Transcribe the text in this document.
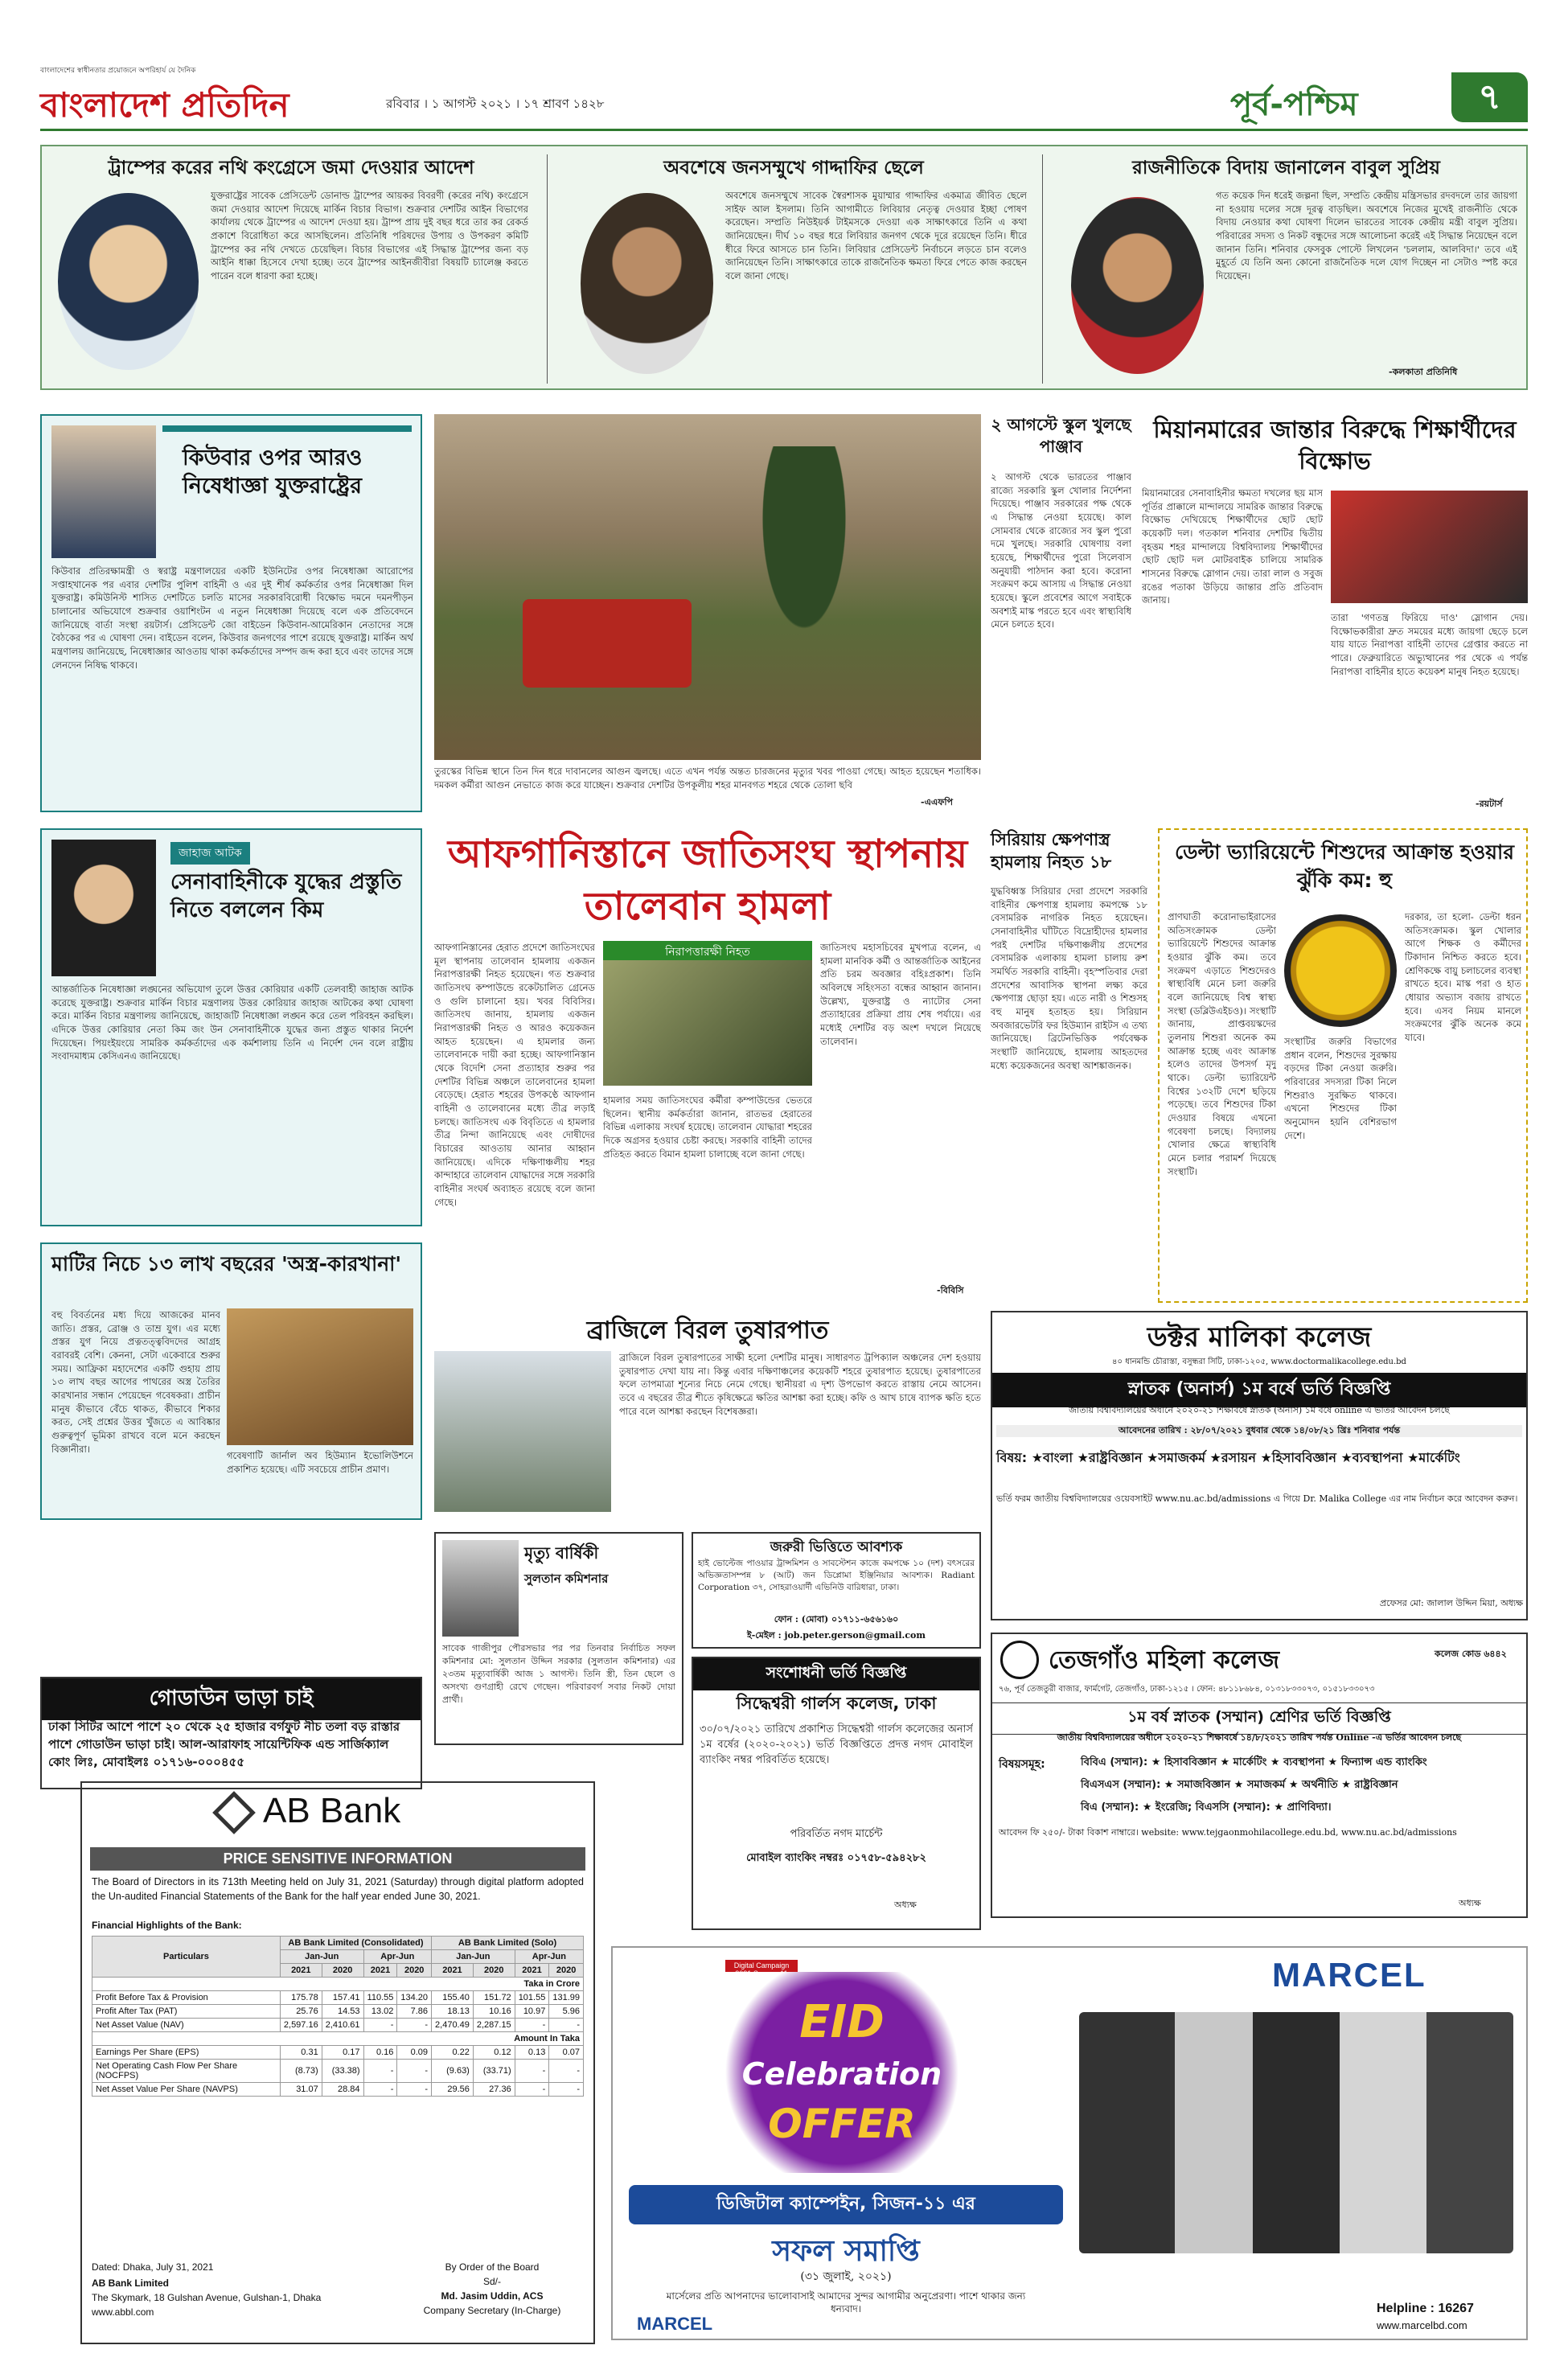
বাংলাদেশের স্বাধীনতার প্রয়োজনে অপরিহার্য যে দৈনিক
বাংলাদেশ প্রতিদিন	রবিবার । ১ আগস্ট ২০২১ । ১৭ শ্রাবণ ১৪২৮	পূর্ব-পশ্চিম	৭
ট্রাম্পের করের নথি কংগ্রেসে জমা দেওয়ার আদেশ
যুক্তরাষ্ট্রের সাবেক প্রেসিডেন্ট ডোনাল্ড ট্রাম্পের আয়কর বিবরণী (করের নথি) কংগ্রেসে জমা দেওয়ার আদেশ দিয়েছে মার্কিন বিচার বিভাগ। শুক্রবার দেশটির আইন বিভাগের কার্যালয় থেকে ট্রাম্পের এ আদেশ দেওয়া হয়। ট্রাম্প প্রায় দুই বছর ধরে তার কর রেকর্ড প্রকাশে বিরোধিতা করে আসছিলেন। প্রতিনিধি পরিষদের উপায় ও উপকরণ কমিটি ট্রাম্পের কর নথি দেখতে চেয়েছিল। বিচার বিভাগের এই সিদ্ধান্ত ট্রাম্পের জন্য বড় আইনি ধাক্কা হিসেবে দেখা হচ্ছে। তবে ট্রাম্পের আইনজীবীরা বিষয়টি চ্যালেঞ্জ করতে পারেন বলে ধারণা করা হচ্ছে।
অবশেষে জনসম্মুখে গাদ্দাফির ছেলে
অবশেষে জনসম্মুখে সাবেক স্বৈরশাসক মুয়াম্মার গাদ্দাফির একমাত্র জীবিত ছেলে সাইফ আল ইসলাম। তিনি আগামীতে লিবিয়ার নেতৃত্ব দেওয়ার ইচ্ছা পোষণ করেছেন। সম্প্রতি নিউইয়র্ক টাইমসকে দেওয়া এক সাক্ষাৎকারে তিনি এ কথা জানিয়েছেন। দীর্ঘ ১০ বছর ধরে লিবিয়ার জনগণ থেকে দূরে রয়েছেন তিনি। ধীরে ধীরে ফিরে আসতে চান তিনি। লিবিয়ার প্রেসিডেন্ট নির্বাচনে লড়তে চান বলেও জানিয়েছেন তিনি। সাক্ষাৎকারে তাকে রাজনৈতিক ক্ষমতা ফিরে পেতে কাজ করছেন বলে জানা গেছে।
রাজনীতিকে বিদায় জানালেন বাবুল সুপ্রিয়
গত কয়েক দিন ধরেই জল্পনা ছিল, সম্প্রতি কেন্দ্রীয় মন্ত্রিসভার রদবদলে তার জায়গা না হওয়ায় দলের সঙ্গে দূরত্ব বাড়ছিল। অবশেষে নিজের মুখেই রাজনীতি থেকে বিদায় নেওয়ার কথা ঘোষণা দিলেন ভারতের সাবেক কেন্দ্রীয় মন্ত্রী বাবুল সুপ্রিয়। পরিবারের সদস্য ও নিকট বন্ধুদের সঙ্গে আলোচনা করেই এই সিদ্ধান্ত নিয়েছেন বলে জানান তিনি। শনিবার ফেসবুক পোস্টে লিখলেন 'চললাম, আলবিদা।' তবে এই মুহূর্তে যে তিনি অন্য কোনো রাজনৈতিক দলে যোগ দিচ্ছেন না সেটাও স্পষ্ট করে দিয়েছেন।
-কলকাতা প্রতিনিধি
কিউবার ওপর আরও নিষেধাজ্ঞা যুক্তরাষ্ট্রের
কিউবার প্রতিরক্ষামন্ত্রী ও স্বরাষ্ট্র মন্ত্রণালয়ের একটি ইউনিটের ওপর নিষেধাজ্ঞা আরোপের সপ্তাহখানেক পর এবার দেশটির পুলিশ বাহিনী ও এর দুই শীর্ষ কর্মকর্তার ওপর নিষেধাজ্ঞা দিল যুক্তরাষ্ট্র। কমিউনিস্ট শাসিত দেশটিতে চলতি মাসের সরকারবিরোধী বিক্ষোভ দমনে দমনপীড়ন চালানোর অভিযোগে শুক্রবার ওয়াশিংটন এ নতুন নিষেধাজ্ঞা দিয়েছে বলে এক প্রতিবেদনে জানিয়েছে বার্তা সংস্থা রয়টার্স। প্রেসিডেন্ট জো বাইডেন কিউবান-আমেরিকান নেতাদের সঙ্গে বৈঠকের পর এ ঘোষণা দেন। বাইডেন বলেন, কিউবার জনগণের পাশে রয়েছে যুক্তরাষ্ট্র। মার্কিন অর্থ মন্ত্রণালয় জানিয়েছে, নিষেধাজ্ঞার আওতায় থাকা কর্মকর্তাদের সম্পদ জব্দ করা হবে এবং তাদের সঙ্গে লেনদেন নিষিদ্ধ থাকবে।
তুরস্কের বিভিন্ন স্থানে তিন দিন ধরে দাবানলের আগুন জ্বলছে। এতে এখন পর্যন্ত অন্তত চারজনের মৃত্যুর খবর পাওয়া গেছে। আহত হয়েছেন শতাধিক। দমকল কর্মীরা আগুন নেভাতে কাজ করে যাচ্ছেন। শুক্রবার দেশটির উপকূলীয় শহর মানবগত শহরে থেকে তোলা ছবি
-এএফপি
২ আগস্টে স্কুল খুলছে পাঞ্জাব
২ আগস্ট থেকে ভারতের পাঞ্জাব রাজ্যে সরকারি স্কুল খোলার নির্দেশনা দিয়েছে। পাঞ্জাব সরকারের পক্ষ থেকে এ সিদ্ধান্ত নেওয়া হয়েছে। কাল সোমবার থেকে রাজ্যের সব স্কুল পুরো দমে খুলছে। সরকারি ঘোষণায় বলা হয়েছে, শিক্ষার্থীদের পুরো সিলেবাস অনুযায়ী পাঠদান করা হবে। করোনা সংক্রমণ কমে আসায় এ সিদ্ধান্ত নেওয়া হয়েছে। স্কুলে প্রবেশের আগে সবাইকে অবশ্যই মাস্ক পরতে হবে এবং স্বাস্থ্যবিধি মেনে চলতে হবে।
মিয়ানমারের জান্তার বিরুদ্ধে শিক্ষার্থীদের বিক্ষোভ
মিয়ানমারের সেনাবাহিনীর ক্ষমতা দখলের ছয় মাস পূর্তির প্রাক্কালে মান্দালয়ে সামরিক জান্তার বিরুদ্ধে বিক্ষোভ দেখিয়েছে শিক্ষার্থীদের ছোট ছোট কয়েকটি দল। গতকাল শনিবার দেশটির দ্বিতীয় বৃহত্তম শহর মান্দালয়ে বিশ্ববিদ্যালয় শিক্ষার্থীদের ছোট ছোট দল মোটরবাইক চালিয়ে সামরিক শাসনের বিরুদ্ধে স্লোগান দেয়। তারা লাল ও সবুজ রঙের পতাকা উড়িয়ে জান্তার প্রতি প্রতিবাদ জানায়।
তারা 'গণতন্ত্র ফিরিয়ে দাও' স্লোগান দেয়। বিক্ষোভকারীরা দ্রুত সময়ের মধ্যে জায়গা ছেড়ে চলে যায় যাতে নিরাপত্তা বাহিনী তাদের গ্রেপ্তার করতে না পারে। ফেব্রুয়ারিতে অভ্যুত্থানের পর থেকে এ পর্যন্ত নিরাপত্তা বাহিনীর হাতে কয়েকশ মানুষ নিহত হয়েছে।
-রয়টার্স
জাহাজ আটক
সেনাবাহিনীকে যুদ্ধের প্রস্তুতি নিতে বললেন কিম
আন্তর্জাতিক নিষেধাজ্ঞা লঙ্ঘনের অভিযোগ তুলে উত্তর কোরিয়ার একটি তেলবাহী জাহাজ আটক করেছে যুক্তরাষ্ট্র। শুক্রবার মার্কিন বিচার মন্ত্রণালয় উত্তর কোরিয়ার জাহাজ আটকের কথা ঘোষণা করে। মার্কিন বিচার মন্ত্রণালয় জানিয়েছে, জাহাজটি নিষেধাজ্ঞা লঙ্ঘন করে তেল পরিবহন করছিল। এদিকে উত্তর কোরিয়ার নেতা কিম জং উন সেনাবাহিনীকে যুদ্ধের জন্য প্রস্তুত থাকার নির্দেশ দিয়েছেন। পিয়ংইয়ংয়ে সামরিক কর্মকর্তাদের এক কর্মশালায় তিনি এ নির্দেশ দেন বলে রাষ্ট্রীয় সংবাদমাধ্যম কেসিএনএ জানিয়েছে।
আফগানিস্তানে জাতিসংঘ স্থাপনায় তালেবান হামলা
আফগানিস্তানের হেরাত প্রদেশে জাতিসংঘের মূল স্থাপনায় তালেবান হামলায় একজন নিরাপত্তারক্ষী নিহত হয়েছেন। গত শুক্রবার জাতিসংঘ কম্পাউন্ডে রকেটচালিত গ্রেনেড ও গুলি চালানো হয়। খবর বিবিসির। জাতিসংঘ জানায়, হামলায় একজন নিরাপত্তারক্ষী নিহত ও আরও কয়েকজন আহত হয়েছেন। এ হামলার জন্য তালেবানকে দায়ী করা হচ্ছে। আফগানিস্তান থেকে বিদেশি সেনা প্রত্যাহার শুরুর পর দেশটির বিভিন্ন অঞ্চলে তালেবানের হামলা বেড়েছে। হেরাত শহরের উপকণ্ঠে আফগান বাহিনী ও তালেবানের মধ্যে তীব্র লড়াই চলছে। জাতিসংঘ এক বিবৃতিতে এ হামলার তীব্র নিন্দা জানিয়েছে এবং দোষীদের বিচারের আওতায় আনার আহ্বান জানিয়েছে। এদিকে দক্ষিণাঞ্চলীয় শহর কান্দাহারে তালেবান যোদ্ধাদের সঙ্গে সরকারি বাহিনীর সংঘর্ষ অব্যাহত রয়েছে বলে জানা গেছে।
নিরাপত্তারক্ষী নিহত
হামলার সময় জাতিসংঘের কর্মীরা কম্পাউন্ডের ভেতরে ছিলেন। স্থানীয় কর্মকর্তারা জানান, রাতভর হেরাতের বিভিন্ন এলাকায় সংঘর্ষ হয়েছে। তালেবান যোদ্ধারা শহরের দিকে অগ্রসর হওয়ার চেষ্টা করছে। সরকারি বাহিনী তাদের প্রতিহত করতে বিমান হামলা চালাচ্ছে বলে জানা গেছে।
জাতিসংঘ মহাসচিবের মুখপাত্র বলেন, এ হামলা মানবিক কর্মী ও আন্তর্জাতিক আইনের প্রতি চরম অবজ্ঞার বহিঃপ্রকাশ। তিনি অবিলম্বে সহিংসতা বন্ধের আহ্বান জানান। উল্লেখ্য, যুক্তরাষ্ট্র ও ন্যাটোর সেনা প্রত্যাহারের প্রক্রিয়া প্রায় শেষ পর্যায়ে। এর মধ্যেই দেশটির বড় অংশ দখলে নিয়েছে তালেবান।
-বিবিসি
সিরিয়ায় ক্ষেপণাস্ত্র হামলায় নিহত ১৮
যুদ্ধবিধ্বস্ত সিরিয়ার দেরা প্রদেশে সরকারি বাহিনীর ক্ষেপণাস্ত্র হামলায় কমপক্ষে ১৮ বেসামরিক নাগরিক নিহত হয়েছেন। সেনাবাহিনীর ঘাঁটিতে বিদ্রোহীদের হামলার পরই দেশটির দক্ষিণাঞ্চলীয় প্রদেশের বেসামরিক এলাকায় হামলা চালায় রুশ সমর্থিত সরকারি বাহিনী। বৃহস্পতিবার দেরা প্রদেশের আবাসিক স্থাপনা লক্ষ্য করে ক্ষেপণাস্ত্র ছোড়া হয়। এতে নারী ও শিশুসহ বহু মানুষ হতাহত হয়। সিরিয়ান অবজারভেটরি ফর হিউম্যান রাইটস এ তথ্য জানিয়েছে। ব্রিটেনভিত্তিক পর্যবেক্ষক সংস্থাটি জানিয়েছে, হামলায় আহতদের মধ্যে কয়েকজনের অবস্থা আশঙ্কাজনক।
ডেল্টা ভ্যারিয়েন্টে শিশুদের আক্রান্ত হওয়ার ঝুঁকি কম: হু
প্রাণঘাতী করোনাভাইরাসের অতিসংক্রামক ডেল্টা ভ্যারিয়েন্টে শিশুদের আক্রান্ত হওয়ার ঝুঁকি কম। তবে সংক্রমণ এড়াতে শিশুদেরও স্বাস্থ্যবিধি মেনে চলা জরুরি বলে জানিয়েছে বিশ্ব স্বাস্থ্য সংস্থা (ডব্লিউএইচও)। সংস্থাটি জানায়, প্রাপ্তবয়স্কদের তুলনায় শিশুরা অনেক কম আক্রান্ত হচ্ছে এবং আক্রান্ত হলেও তাদের উপসর্গ মৃদু থাকে। ডেল্টা ভ্যারিয়েন্ট বিশ্বের ১৩২টি দেশে ছড়িয়ে পড়েছে। তবে শিশুদের টিকা দেওয়ার বিষয়ে এখনো গবেষণা চলছে। বিদ্যালয় খোলার ক্ষেত্রে স্বাস্থ্যবিধি মেনে চলার পরামর্শ দিয়েছে সংস্থাটি।
সংস্থাটির জরুরি বিভাগের প্রধান বলেন, শিশুদের সুরক্ষায় বড়দের টিকা নেওয়া জরুরি। পরিবারের সদস্যরা টিকা নিলে শিশুরাও সুরক্ষিত থাকবে। এখনো শিশুদের টিকা অনুমোদন হয়নি বেশিরভাগ দেশে।
দরকার, তা হলো- ডেল্টা ধরন অতিসংক্রামক। স্কুল খোলার আগে শিক্ষক ও কর্মীদের টিকাদান নিশ্চিত করতে হবে। শ্রেণিকক্ষে বায়ু চলাচলের ব্যবস্থা রাখতে হবে। মাস্ক পরা ও হাত ধোয়ার অভ্যাস বজায় রাখতে হবে। এসব নিয়ম মানলে সংক্রমণের ঝুঁকি অনেক কমে যাবে।
মাটির নিচে ১৩ লাখ বছরের 'অস্ত্র-কারখানা'
বহু বিবর্তনের মধ্য দিয়ে আজকের মানব জাতি। প্রস্তর, ব্রোঞ্জ ও তাম্র যুগ। এর মধ্যে প্রস্তর যুগ নিয়ে প্রত্নতত্ত্ববিদদের আগ্রহ বরাবরই বেশি। কেননা, সেটা একেবারে শুরুর সময়। আফ্রিকা মহাদেশের একটি গুহায় প্রায় ১৩ লাখ বছর আগের পাথরের অস্ত্র তৈরির কারখানার সন্ধান পেয়েছেন গবেষকরা। প্রাচীন মানুষ কীভাবে বেঁচে থাকত, কীভাবে শিকার করত, সেই প্রশ্নের উত্তর খুঁজতে এ আবিষ্কার গুরুত্বপূর্ণ ভূমিকা রাখবে বলে মনে করছেন বিজ্ঞানীরা।
গবেষণাটি জার্নাল অব হিউম্যান ইভোলিউশনে প্রকাশিত হয়েছে। এটি সবচেয়ে প্রাচীন প্রমাণ।
ব্রাজিলে বিরল তুষারপাত
ব্রাজিলে বিরল তুষারপাতের সাক্ষী হলো দেশটির মানুষ। সাধারণত ট্রপিক্যাল অঞ্চলের দেশ হওয়ায় তুষারপাত দেখা যায় না। কিন্তু এবার দক্ষিণাঞ্চলের কয়েকটি শহরে তুষারপাত হয়েছে। তুষারপাতের ফলে তাপমাত্রা শূন্যের নিচে নেমে গেছে। স্থানীয়রা এ দৃশ্য উপভোগ করতে রাস্তায় নেমে আসেন। তবে এ বছরের তীব্র শীতে কৃষিক্ষেত্রে ক্ষতির আশঙ্কা করা হচ্ছে। কফি ও আখ চাষে ব্যাপক ক্ষতি হতে পারে বলে আশঙ্কা করছেন বিশেষজ্ঞরা।
ডক্টর মালিকা কলেজ
৪০ ধানমন্ডি চৌরাস্তা, বসুন্ধরা সিটি, ঢাকা-১২০৫, www.doctormalikacollege.edu.bd
স্নাতক (অনার্স) ১ম বর্ষে ভর্তি বিজ্ঞপ্তি
জাতীয় বিশ্ববিদ্যালয়ের অধীনে ২০২০-২১ শিক্ষাবর্ষে স্নাতক (অনার্স) ১ম বর্ষে online এ ভর্তির আবেদন চলছে
আবেদনের তারিখ : ২৮/০৭/২০২১ বুধবার থেকে ১৪/০৮/২১ খ্রিঃ শনিবার পর্যন্ত
বিষয়: ★বাংলা ★রাষ্ট্রবিজ্ঞান ★সমাজকর্ম ★রসায়ন ★হিসাববিজ্ঞান ★ব্যবস্থাপনা ★মার্কেটিং
ভর্তি ফরম জাতীয় বিশ্ববিদ্যালয়ের ওয়েবসাইট www.nu.ac.bd/admissions এ গিয়ে Dr. Malika College এর নাম নির্বাচন করে আবেদন করুন।
প্রফেসর মো: জালাল উদ্দিন মিয়া, অধ্যক্ষ
মৃত্যু বার্ষিকী
সুলতান কমিশনার
সাবেক গাজীপুর পৌরসভার পর পর তিনবার নির্বাচিত সফল কমিশনার মো: সুলতান উদ্দিন সরকার (সুলতান কমিশনার) এর ২৩তম মৃত্যুবার্ষিকী আজ ১ আগস্ট। তিনি স্ত্রী, তিন ছেলে ও অসংখ্য গুণগ্রাহী রেখে গেছেন। পরিবারবর্গ সবার নিকট দোয়া প্রার্থী।
জরুরী ভিত্তিতে আবশ্যক
হাই ভোল্টেজ পাওয়ার ট্রান্সমিশন ও সাবস্টেশন কাজে কমপক্ষে ১০ (দশ) বৎসরের অভিজ্ঞতাসম্পন্ন ৮ (আট) জন ডিপ্লোমা ইঞ্জিনিয়ার আবশ্যক। Radiant Corporation ৩৭, সোহরাওয়ার্দী এভিনিউ বারিধারা, ঢাকা।
ফোন : (মোবা) ০১৭১১-৬৫৬১৬০
ই-মেইল : job.peter.gerson@gmail.com
গোডাউন ভাড়া চাই
ঢাকা সিটির আশে পাশে ২০ থেকে ২৫ হাজার বর্গফুট নীচ তলা বড় রাস্তার পাশে গোডাউন ভাড়া চাই। আল-আরাফাহ সায়েন্টিফিক এন্ড সার্জিক্যাল কোং লিঃ, মোবাইলঃ ০১৭১৬-০০০৪৫৫
সংশোধনী ভর্তি বিজ্ঞপ্তি
সিদ্ধেশ্বরী গার্লস কলেজ, ঢাকা
৩০/০৭/২০২১ তারিখে প্রকাশিত সিদ্ধেশ্বরী গার্লস কলেজের অনার্স ১ম বর্ষের (২০২০-২০২১) ভর্তি বিজ্ঞপ্তিতে প্রদত্ত নগদ মোবাইল ব্যাংকিং নম্বর পরিবর্তিত হয়েছে।
পরিবর্তিত নগদ মার্চেন্ট
মোবাইল ব্যাংকিং নম্বরঃ ০১৭৫৮-৫৯৪২৮২
অধ্যক্ষ
তেজগাঁও মহিলা কলেজ	কলেজ কোড ৬৪৪২
৭৬, পূর্ব তেজতুরী বাজার, ফার্মগেট, তেজগাঁও, ঢাকা-১২১৫ । ফোন: ৪৮১১৮৬৮৪, ০১৩১৮৩৩০৭৩, ০১৫১৮৩৩০৭৩
১ম বর্ষ স্নাতক (সম্মান) শ্রেণির ভর্তি বিজ্ঞপ্তি
জাতীয় বিশ্ববিদ্যালয়ের অধীনে ২০২০-২১ শিক্ষাবর্ষে ১৪/৮/২০২১ তারিখ পর্যন্ত Online -এ ভর্তির আবেদন চলছে
বিষয়সমূহ:	বিবিএ (সম্মান): ★ হিসাববিজ্ঞান ★ মার্কেটিং ★ ব্যবস্থাপনা ★ ফিন্যান্স এন্ড ব্যাংকিং
বিএসএস (সম্মান): ★ সমাজবিজ্ঞান ★ সমাজকর্ম ★ অর্থনীতি ★ রাষ্ট্রবিজ্ঞান
বিএ (সম্মান): ★ ইংরেজি; বিএসসি (সম্মান): ★ প্রাণিবিদ্যা।
আবেদন ফি ২৫০/- টাকা বিকাশ নাম্বারে। website: www.tejgaonmohilacollege.edu.bd, www.nu.ac.bd/admissions
অধ্যক্ষ
AB Bank
PRICE SENSITIVE INFORMATION
The Board of Directors in its 713th Meeting held on July 31, 2021 (Saturday) through digital platform adopted the Un-audited Financial Statements of the Bank for the half year ended June 30, 2021.
Financial Highlights of the Bank:
Particulars	AB Bank Limited (Consolidated)				AB Bank Limited (Solo)			
	Jan-Jun		Apr-Jun		Jan-Jun		Apr-Jun	
	2021	2020	2021	2020	2021	2020	2021	2020
Taka in Crore								
Profit Before Tax & Provision	175.78	157.41	110.55	134.20	155.40	151.72	101.55	131.99
Profit After Tax (PAT)	25.76	14.53	13.02	7.86	18.13	10.16	10.97	5.96
Net Asset Value (NAV)	2,597.16	2,410.61	-	-	2,470.49	2,287.15	-	-
Amount In Taka								
Earnings Per Share (EPS)	0.31	0.17	0.16	0.09	0.22	0.12	0.13	0.07
Net Operating Cash Flow Per Share (NOCFPS)	(8.73)	(33.38)	-	-	(9.63)	(33.71)	-	-
Net Asset Value Per Share (NAVPS)	31.07	28.84	-	-	29.56	27.36	-	-
Dated: Dhaka, July 31, 2021
AB Bank Limited
The Skymark, 18 Gulshan Avenue, Gulshan-1, Dhaka
www.abbl.com
By Order of the Board
Sd/-
Md. Jasim Uddin, ACS
Company Secretary (In-Charge)
MARCEL
Digital Campaign
EID
Celebration
OFFER
ডিজিটাল ক্যাম্পেইন, সিজন-১১ এর
সফল সমাপ্তি
(৩১ জুলাই, ২০২১)
মার্সেলের প্রতি আপনাদের ভালোবাসাই আমাদের সুন্দর আগামীর অনুপ্রেরণা। পাশে থাকার জন্য ধন্যবাদ।
MARCEL
Helpline : 16267
www.marcelbd.com
